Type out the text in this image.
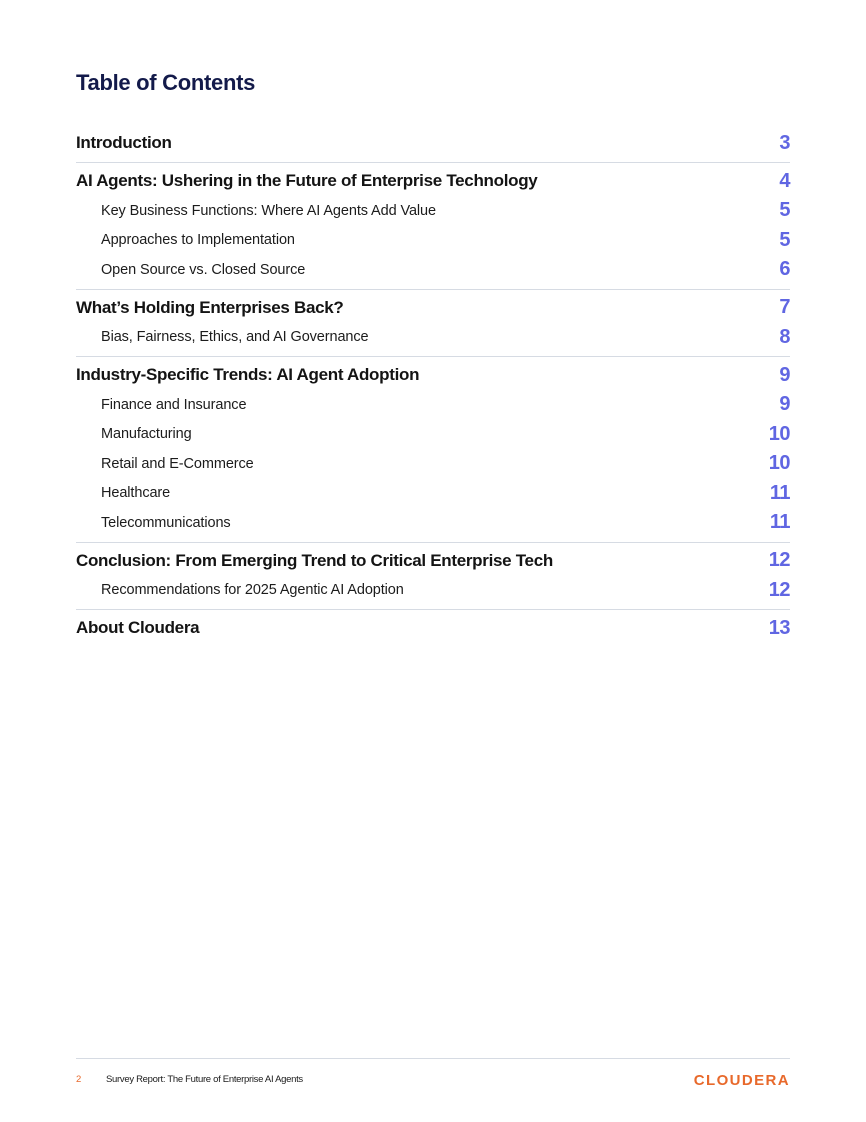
Table of Contents
Introduction	3
AI Agents: Ushering in the Future of Enterprise Technology	4
Key Business Functions: Where AI Agents Add Value	5
Approaches to Implementation	5
Open Source vs. Closed Source	6
What’s Holding Enterprises Back?	7
Bias, Fairness, Ethics, and AI Governance	8
Industry-Specific Trends: AI Agent Adoption	9
Finance and Insurance	9
Manufacturing	10
Retail and E-Commerce	10
Healthcare	11
Telecommunications	11
Conclusion: From Emerging Trend to Critical Enterprise Tech	12
Recommendations for 2025 Agentic AI Adoption	12
About Cloudera	13
2	Survey Report: The Future of Enterprise AI Agents	CLOUDERA
